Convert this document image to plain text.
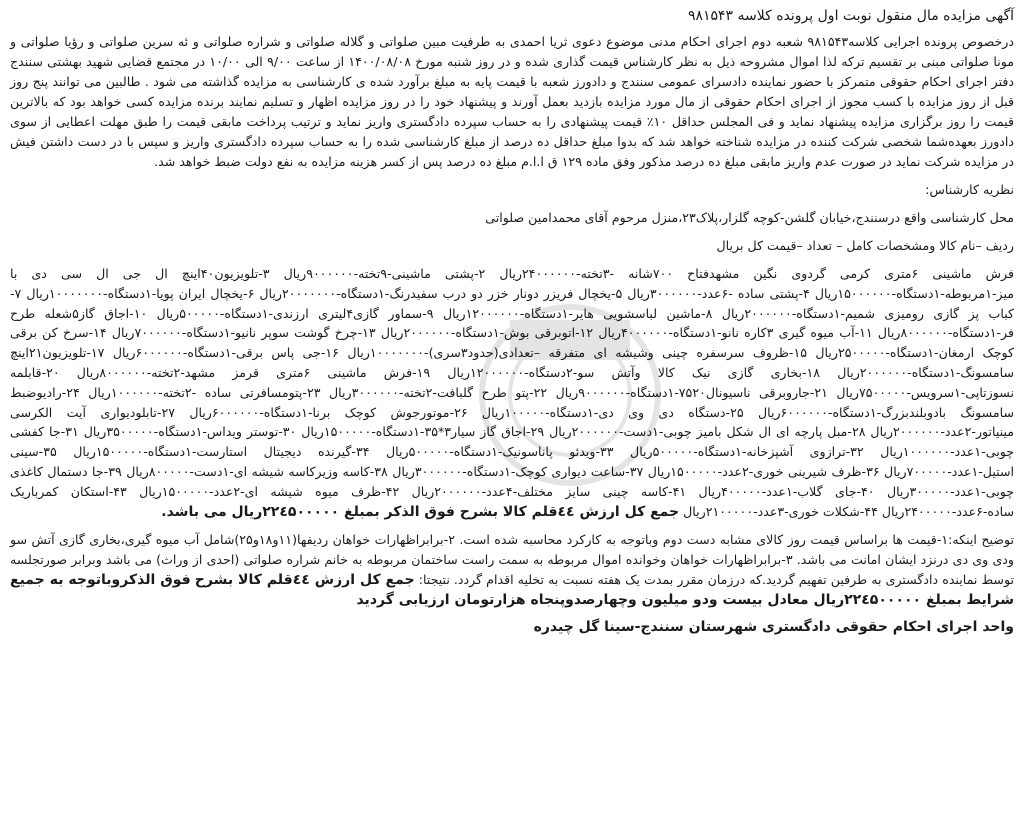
آگهی مزایده مال منقول نوبت اول پرونده کلاسه ۹۸۱۵۴۳

درخصوص پرونده اجرایی کلاسه۹۸۱۵۴۳ شعبه دوم اجرای احکام مدنی موضوع دعوی ثریا احمدی به طرفیت مبین صلواتی و گلاله صلواتی و شراره صلواتی و ئه سرین صلواتی و رؤیا صلواتی و مونا صلواتی مبنی بر تقسیم ترکه لذا اموال مشروحه ذیل به نظر کارشناس قیمت گذاری شده و در روز شنبه مورخ ۱۴۰۰/۰۸/۰۸ از ساعت ۹/۰۰ الی ۱۰/۰۰ در مجتمع قضایی شهید بهشتی سنندج دفتر اجرای احکام حقوقی متمرکز با حضور نماینده دادسرای عمومی سنندج و دادورز شعبه با قیمت پایه به مبلغ برآورد شده ی کارشناسی به مزایده گذاشته می شود . طالبین می توانند پنج روز قبل از روز مزایده با کسب مجوز از اجرای احکام حقوقی از مال مورد مزایده بازدید بعمل آورند و پیشنهاد خود را در روز مزایده اظهار و تسلیم نمایند برنده مزایده کسی خواهد بود که بالاترین قیمت را روز برگزاری مزایده پیشنهاد نماید و فی المجلس حداقل ۱۰٪ قیمت پیشنهادی را به حساب سپرده دادگستری واریز نماید و ترتیب پرداخت مابقی قیمت را طبق مهلت اعطایی از سوی دادورز بعهده‌شما شخصی شرکت کننده در مزایده شناخته خواهد شد که بدوا مبلغ حداقل ده درصد از مبلغ کارشناسی شده را به حساب سپرده دادگستری واریز و سپس با در دست داشتن فیش در مزایده شرکت نماید در صورت عدم واریز مابقی مبلغ ده درصد مذکور وفق ماده ۱۲۹ ق ا.ا.م مبلغ ده درصد پس از کسر هزینه مزایده به نفع دولت ضبط خواهد شد.

نظریه کارشناس:

محل کارشناسی واقع درسنندج،خیابان گلشن-کوچه گلزار،پلاک۲۳،منزل مرحوم آقای محمدامین صلواتی

ردیف –نام کالا ومشخصات کامل – تعداد –قیمت کل بریال

فرش ماشینی ۶متری کرمی گردوی نگین مشهدفتاح ۷۰۰شانه -۳تخته-۲۴۰۰۰۰۰۰ریال ۲-پشتی ماشینی-۹تخته-۹۰۰۰۰۰۰ریال ۳-تلویزیون۴۰اینچ ال جی ال سی دی با میز-۱مربوطه-۱دستگاه-۱۵۰۰۰۰۰۰ریال ۴-پشتی ساده -۶عدد-۳۰۰۰۰۰۰ریال ۵-یخچال فریزر دونار خزر دو درب سفیدرنگ-۱دستگاه-۲۰۰۰۰۰۰۰ریال ۶-یخچال ایران پویا-۱دستگاه-۱۰۰۰۰۰۰۰ریال ۷-کباب پز گازی رومیزی شمیم-۱دستگاه-۲۰۰۰۰۰۰ریال ۸-ماشین لباسشویی هایر-۱دستگاه-۱۲۰۰۰۰۰۰ریال ۹-سماور گازی۴لیتری ارزندی-۱دستگاه-۵۰۰۰۰۰ریال ۱۰-اجاق گاز۵شعله طرح فر-۱دستگاه-۸۰۰۰۰۰۰ریال ۱۱-آب میوه گیری ۳کاره نانو-۱دستگاه-۴۰۰۰۰۰۰ریال ۱۲-اتوبرقی بوش-۱دستگاه-۲۰۰۰۰۰۰ریال ۱۳-چرخ گوشت سوپر نانیو-۱دستگاه-۷۰۰۰۰۰۰ریال ۱۴-سرخ کن برقی کوچک ارمغان-۱دستگاه-۲۵۰۰۰۰۰ریال ۱۵-ظروف سرسفره چینی وشیشه ای متفرقه –تعدادی(حدود۳سری)-۱۰۰۰۰۰۰۰ریال ۱۶-جی پاس برقی-۱دستگاه-۶۰۰۰۰۰۰ریال ۱۷-تلویزیون۲۱اینچ سامسونگ-۱دستگاه-۲۰۰۰۰۰۰ریال ۱۸-بخاری گازی نیک کالا وآتش سو-۲دستگاه-۱۲۰۰۰۰۰۰ریال ۱۹-فرش ماشینی ۶متری قرمز مشهد-۲تخته-۸۰۰۰۰۰۰ریال ۲۰-قابلمه نسوزتاپی-۱سرویس-۷۵۰۰۰۰۰ریال ۲۱-جاروبرقی ناسیونال۷۵۲۰-۱دستگاه-۹۰۰۰۰۰۰ریال ۲۲-پتو طرح گلبافت-۲تخته-۳۰۰۰۰۰۰ریال ۲۳-پتومسافرتی ساده -۲تخته-۱۰۰۰۰۰۰ریال ۲۴-رادیوضبط سامسونگ بادوبلندبزرگ-۱دستگاه-۶۰۰۰۰۰۰ریال ۲۵-دستگاه دی وی دی-۱دستگاه-۱۰۰۰۰۰ریال ۲۶-موتورجوش کوچک برنا-۱دستگاه-۶۰۰۰۰۰۰ریال ۲۷-تابلودیواری آیت الکرسی مینیاتور-۲عدد-۲۰۰۰۰۰۰ریال ۲۸-مبل پارچه ای ال شکل بامیز چوبی-۱دست-۲۰۰۰۰۰۰ریال ۲۹-اجاق گاز سیار۳*۳۵-۱دستگاه-۱۵۰۰۰۰۰ریال ۳۰-توستر ویداس-۱دستگاه-۳۵۰۰۰۰۰ریال ۳۱-جا کفشی چوبی-۱عدد-۱۰۰۰۰۰۰ریال ۳۲-ترازوی آشپزخانه-۱دستگاه-۵۰۰۰۰۰ریال ۳۳-ویدئو پاناسونیک-۱دستگاه-۵۰۰۰۰۰ریال ۳۴-گیرنده دیجیتال استارست-۱دستگاه-۱۵۰۰۰۰۰ریال ۳۵-سینی استیل-۱عدد-۷۰۰۰۰۰ریال ۳۶-ظرف شیرینی خوری-۲عدد-۱۵۰۰۰۰۰ریال ۳۷-ساعت دیواری کوچک-۱دستگاه-۳۰۰۰۰۰۰ریال ۳۸-کاسه وزیرکاسه شیشه ای-۱دست-۸۰۰۰۰۰ریال ۳۹-جا دستمال کاغذی چوبی-۱عدد-۳۰۰۰۰۰ریال ۴۰-جای گلاب-۱عدد-۴۰۰۰۰۰ریال ۴۱-کاسه چینی سایز مختلف-۴عدد-۲۰۰۰۰۰۰ریال ۴۲-ظرف میوه شیشه ای-۲عدد-۱۵۰۰۰۰۰ریال ۴۳-استکان کمرباریک ساده-۶عدد-۲۴۰۰۰۰۰ریال ۴۴-شکلات خوری-۳عدد-۲۱۰۰۰۰۰ریال جمع کل ارزش ٤٤قلم کالا بشرح فوق الذکر بمبلغ ۲۲٤۵۰۰۰۰۰ریال می باشد.

توضیح اینکه:۱-قیمت ها براساس قیمت روز کالای مشابه دست دوم وباتوجه به کارکرد محاسبه شده است. ۲-برابراظهارات خواهان ردیفها(۱۱و۱۸و۲۵)شامل آب میوه گیری،بخاری گازی آتش سو ودی وی دی درنزد ایشان امانت می باشد. ۳-برابراظهارات خواهان وخوانده اموال مربوطه به سمت راست ساختمان مربوطه به خانم شراره صلواتی (احدی از وراث) می باشد وبرابر صورتجلسه توسط نماینده دادگستری به طرفین تفهیم گردید.که درزمان مقرر بمدت یک هفته نسبت به تخلیه اقدام گردد. نتیجتا: جمع کل ارزش ٤٤قلم کالا بشرح فوق الذکروباتوجه به جمیع شرایط بمبلغ ۲۲٤۵۰۰۰۰۰ریال معادل بیست ودو میلیون وچهارصدوپنجاه هزارتومان ارزیابی گردید

واحد اجرای احکام حقوقی دادگستری شهرستان سنندج-سینا گل چیدره
